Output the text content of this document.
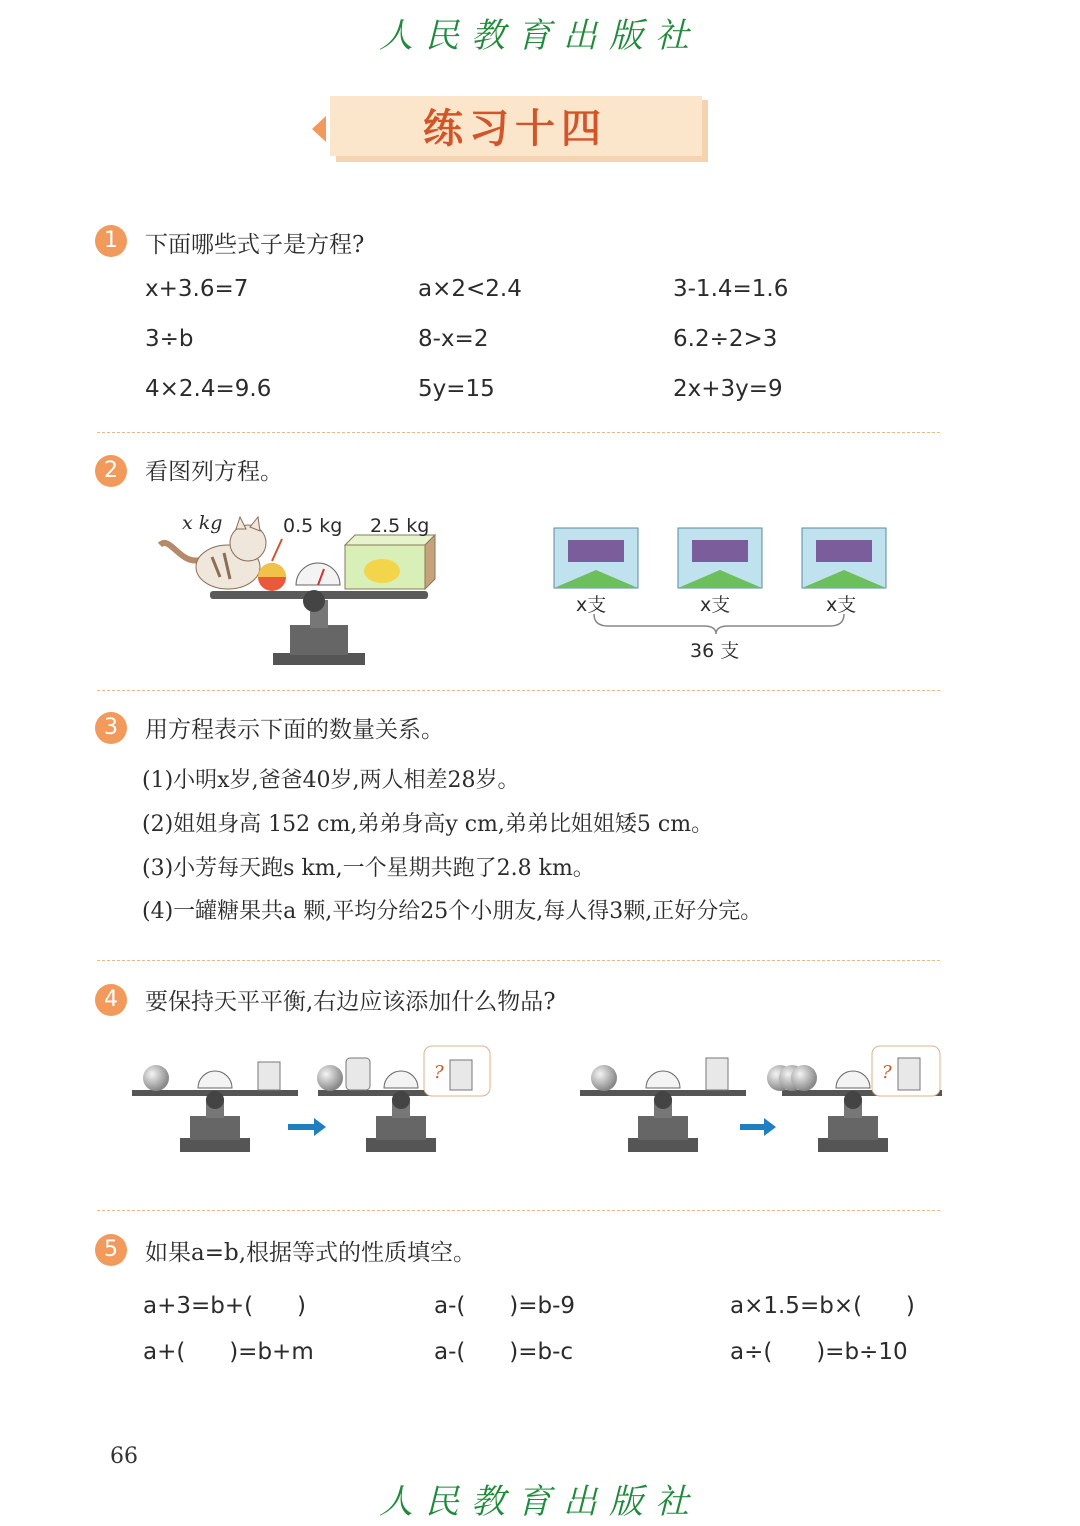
人民教育出版社
练习十四
1	下面哪些式子是方程?
x+3.6=7	a×2<2.4	3-1.4=1.6
3÷b	8-x=2	6.2÷2>3
4×2.4=9.6	5y=15	2x+3y=9
2	看图列方程。
x kg	0.5 kg 2.5 kg
x支	x支	x支
36 支
3	用方程表示下面的数量关系。
(1)小明x岁,爸爸40岁,两人相差28岁。
(2)姐姐身高 152 cm,弟弟身高y cm,弟弟比姐姐矮5 cm。
(3)小芳每天跑s km,一个星期共跑了2.8 km。
(4)一罐糖果共a 颗,平均分给25个小朋友,每人得3颗,正好分完。
4	要保持天平平衡,右边应该添加什么物品?
?	?
5	如果a=b,根据等式的性质填空。
a+3=b+(      )	a-(      )=b-9	a×1.5=b×(      )
a+(      )=b+m	a-(      )=b-c	a÷(      )=b÷10
66
人民教育出版社
